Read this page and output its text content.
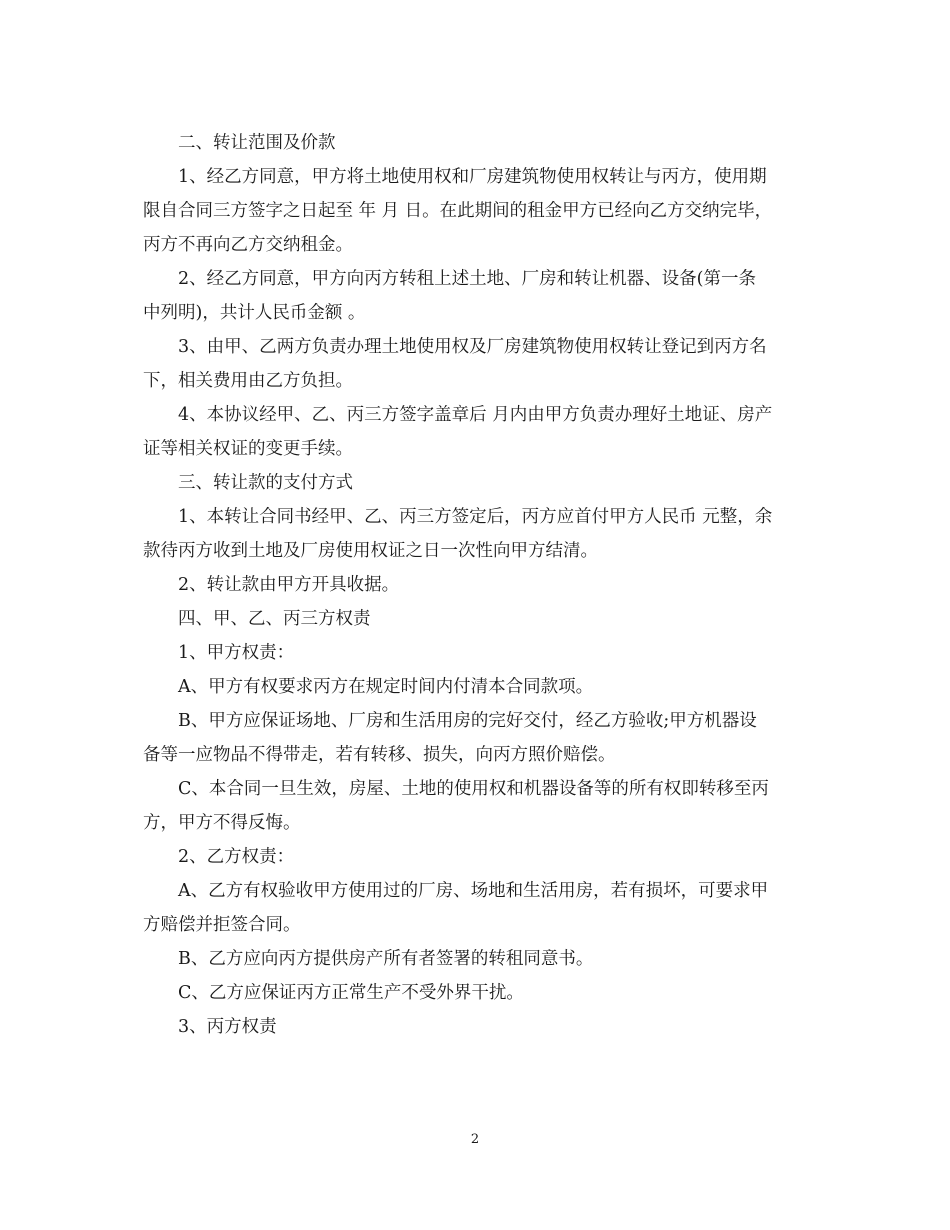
二、转让范围及价款

1、经乙方同意，甲方将土地使用权和厂房建筑物使用权转让与丙方，使用期

限自合同三方签字之日起至 年 月 日。在此期间的租金甲方已经向乙方交纳完毕，

丙方不再向乙方交纳租金。

2、经乙方同意，甲方向丙方转租上述土地、厂房和转让机器、设备(第一条

中列明)，共计人民币金额 。

3、由甲、乙两方负责办理土地使用权及厂房建筑物使用权转让登记到丙方名

下，相关费用由乙方负担。

4、本协议经甲、乙、丙三方签字盖章后 月内由甲方负责办理好土地证、房产

证等相关权证的变更手续。

三、转让款的支付方式

1、本转让合同书经甲、乙、丙三方签定后，丙方应首付甲方人民币 元整，余

款待丙方收到土地及厂房使用权证之日一次性向甲方结清。

2、转让款由甲方开具收据。

四、甲、乙、丙三方权责

1、甲方权责：

A、甲方有权要求丙方在规定时间内付清本合同款项。

B、甲方应保证场地、厂房和生活用房的完好交付，经乙方验收;甲方机器设

备等一应物品不得带走，若有转移、损失，向丙方照价赔偿。

C、本合同一旦生效，房屋、土地的使用权和机器设备等的所有权即转移至丙

方，甲方不得反悔。

2、乙方权责：

A、乙方有权验收甲方使用过的厂房、场地和生活用房，若有损坏，可要求甲

方赔偿并拒签合同。

B、乙方应向丙方提供房产所有者签署的转租同意书。

C、乙方应保证丙方正常生产不受外界干扰。

3、丙方权责

2
